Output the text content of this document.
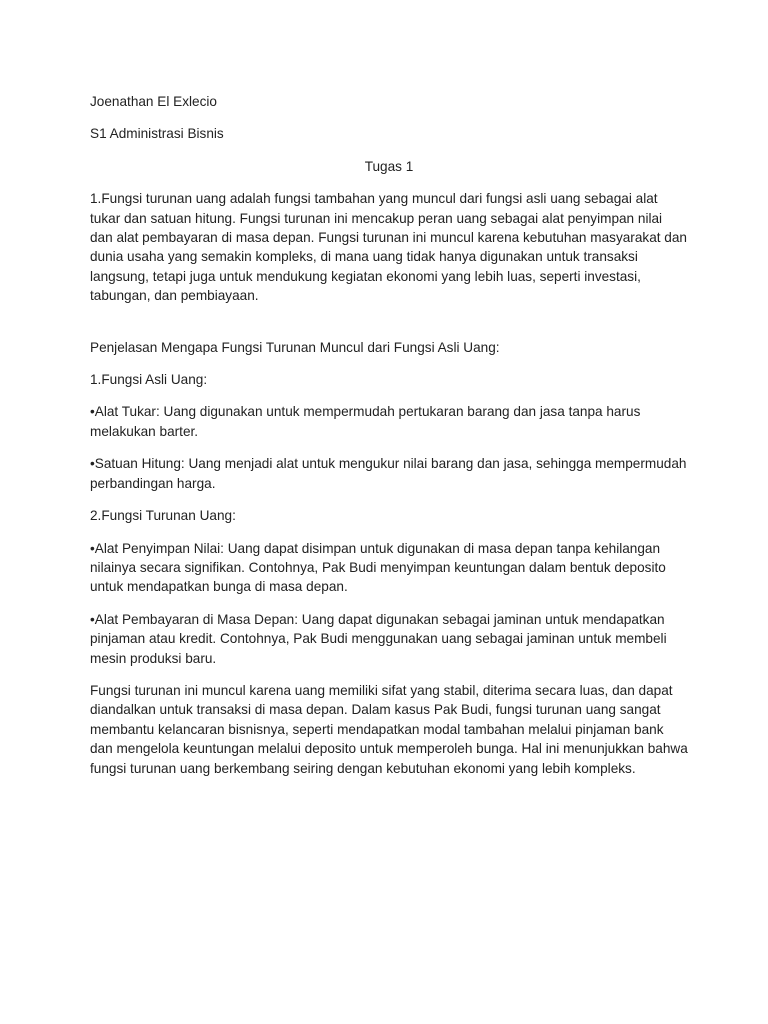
Joenathan El Exlecio

S1 Administrasi Bisnis

Tugas 1

1.Fungsi turunan uang adalah fungsi tambahan yang muncul dari fungsi asli uang sebagai alat tukar dan satuan hitung. Fungsi turunan ini mencakup peran uang sebagai alat penyimpan nilai dan alat pembayaran di masa depan. Fungsi turunan ini muncul karena kebutuhan masyarakat dan dunia usaha yang semakin kompleks, di mana uang tidak hanya digunakan untuk transaksi langsung, tetapi juga untuk mendukung kegiatan ekonomi yang lebih luas, seperti investasi, tabungan, dan pembiayaan.

Penjelasan Mengapa Fungsi Turunan Muncul dari Fungsi Asli Uang:

1.Fungsi Asli Uang:

•Alat Tukar: Uang digunakan untuk mempermudah pertukaran barang dan jasa tanpa harus melakukan barter.

•Satuan Hitung: Uang menjadi alat untuk mengukur nilai barang dan jasa, sehingga mempermudah perbandingan harga.

2.Fungsi Turunan Uang:

•Alat Penyimpan Nilai: Uang dapat disimpan untuk digunakan di masa depan tanpa kehilangan nilainya secara signifikan. Contohnya, Pak Budi menyimpan keuntungan dalam bentuk deposito untuk mendapatkan bunga di masa depan.

•Alat Pembayaran di Masa Depan: Uang dapat digunakan sebagai jaminan untuk mendapatkan pinjaman atau kredit. Contohnya, Pak Budi menggunakan uang sebagai jaminan untuk membeli mesin produksi baru.

Fungsi turunan ini muncul karena uang memiliki sifat yang stabil, diterima secara luas, dan dapat diandalkan untuk transaksi di masa depan. Dalam kasus Pak Budi, fungsi turunan uang sangat membantu kelancaran bisnisnya, seperti mendapatkan modal tambahan melalui pinjaman bank dan mengelola keuntungan melalui deposito untuk memperoleh bunga. Hal ini menunjukkan bahwa fungsi turunan uang berkembang seiring dengan kebutuhan ekonomi yang lebih kompleks.
